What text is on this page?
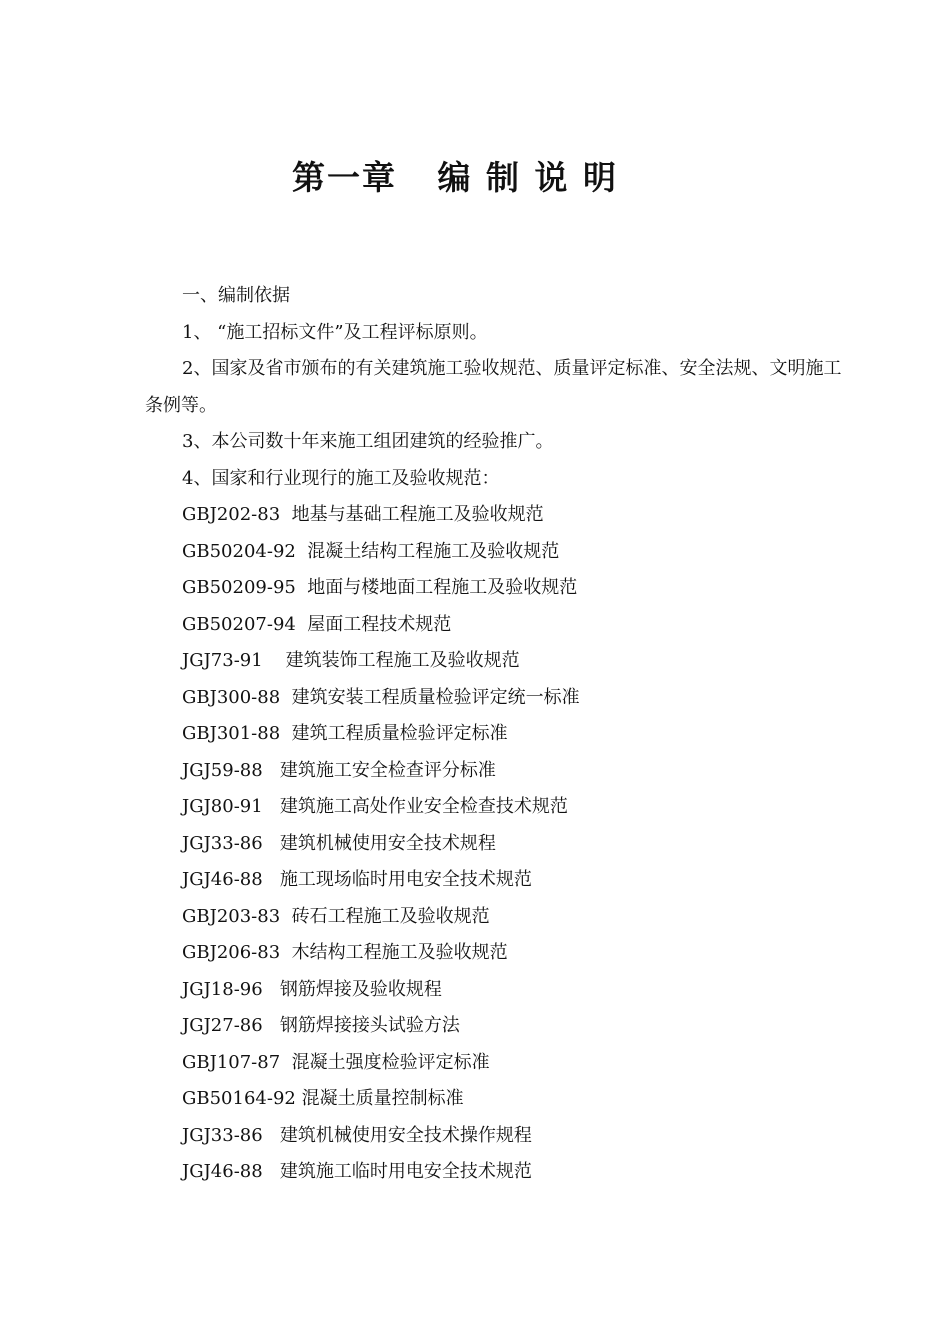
第一章   编 制 说 明

一、编制依据

1、 “施工招标文件”及工程评标原则。

2、国家及省市颁布的有关建筑施工验收规范、质量评定标准、安全法规、文明施工条例等。

3、本公司数十年来施工组团建筑的经验推广。

4、国家和行业现行的施工及验收规范：

GBJ202-83  地基与基础工程施工及验收规范
GB50204-92  混凝土结构工程施工及验收规范
GB50209-95  地面与楼地面工程施工及验收规范
GB50207-94  屋面工程技术规范
JGJ73-91    建筑装饰工程施工及验收规范
GBJ300-88  建筑安装工程质量检验评定统一标准
GBJ301-88  建筑工程质量检验评定标准
JGJ59-88   建筑施工安全检查评分标准
JGJ80-91   建筑施工高处作业安全检查技术规范
JGJ33-86   建筑机械使用安全技术规程
JGJ46-88   施工现场临时用电安全技术规范
GBJ203-83  砖石工程施工及验收规范
GBJ206-83  木结构工程施工及验收规范
JGJ18-96   钢筋焊接及验收规程
JGJ27-86   钢筋焊接接头试验方法
GBJ107-87  混凝土强度检验评定标准
GB50164-92 混凝土质量控制标准
JGJ33-86   建筑机械使用安全技术操作规程
JGJ46-88   建筑施工临时用电安全技术规范
